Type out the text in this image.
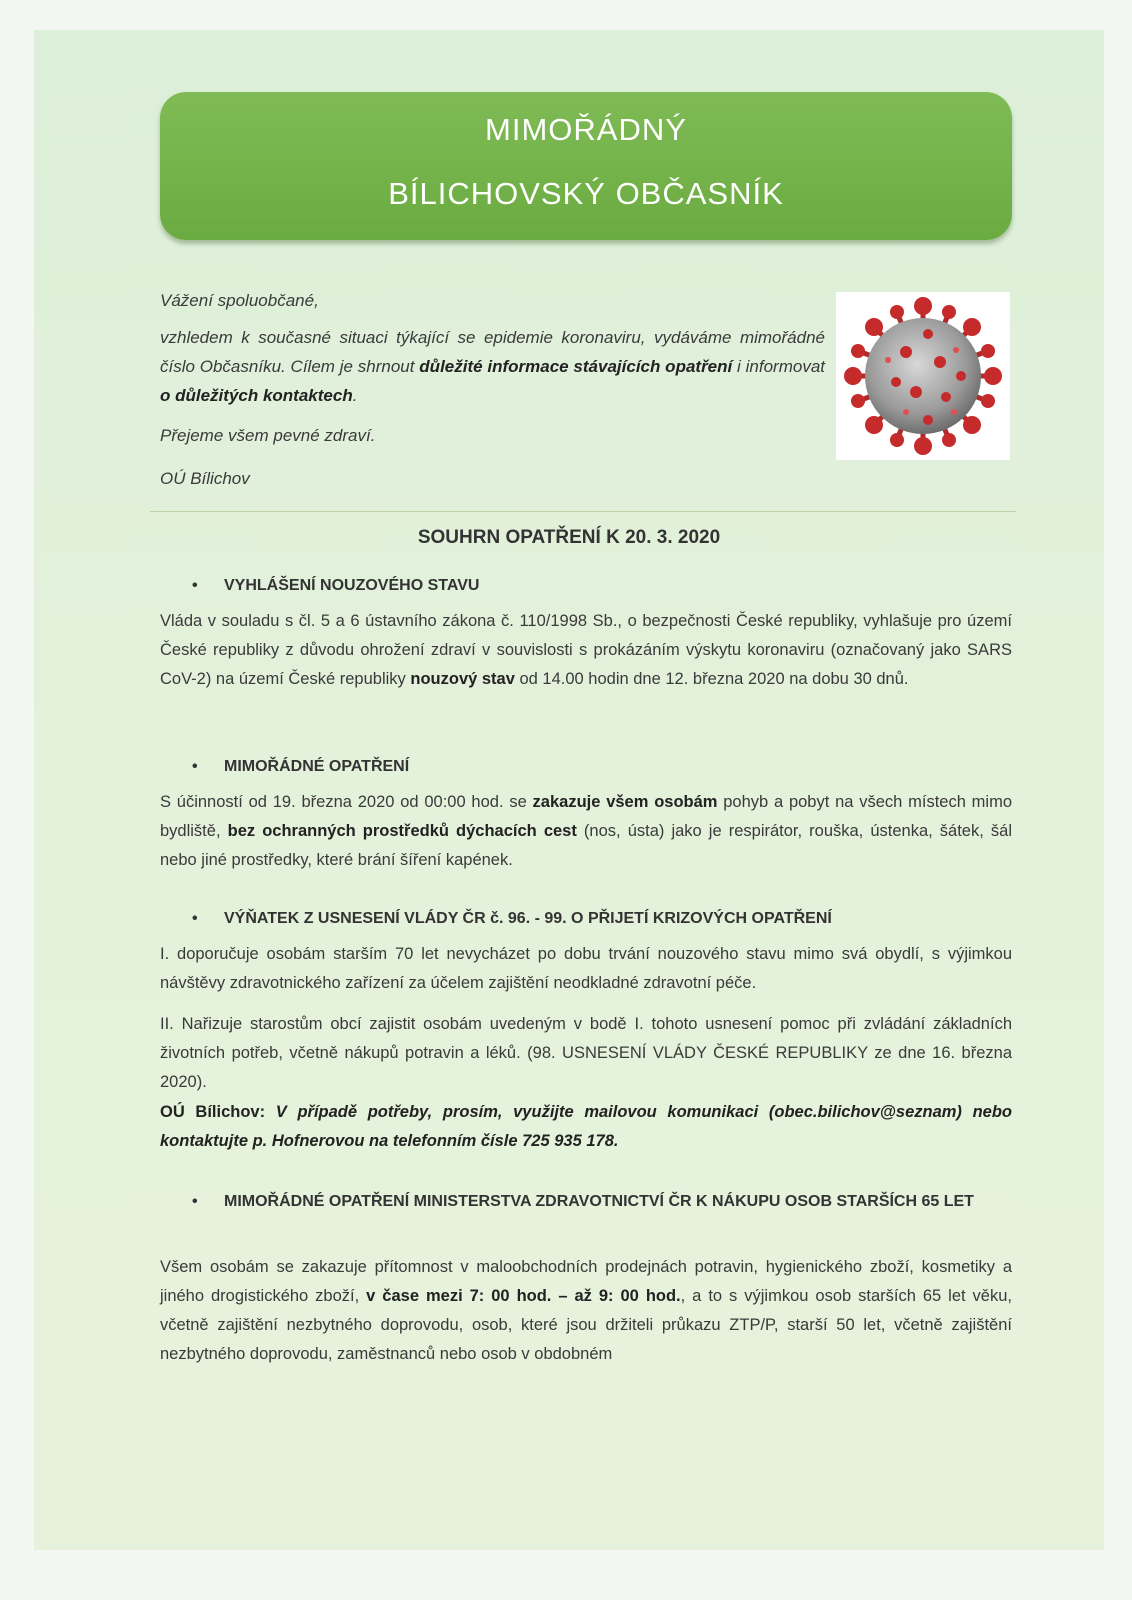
MIMOŘÁDNÝ
BÍLICHOVSKÝ OBČASNÍK
Vážení spoluobčané,
vzhledem k současné situaci týkající se epidemie koronaviru, vydáváme mimořádné číslo Občasníku. Cílem je shrnout důležité informace stávajících opatření i informovat o důležitých kontaktech.
Přejeme všem pevné zdraví.
OÚ Bílichov
SOUHRN OPATŘENÍ K 20. 3. 2020
• VYHLÁŠENÍ NOUZOVÉHO STAVU
Vláda v souladu s čl. 5 a 6 ústavního zákona č. 110/1998 Sb., o bezpečnosti České republiky, vyhlašuje pro území České republiky z důvodu ohrožení zdraví v souvislosti s prokázáním výskytu koronaviru (označovaný jako SARS CoV-2) na území České republiky nouzový stav od 14.00 hodin dne 12. března 2020 na dobu 30 dnů.
• MIMOŘÁDNÉ OPATŘENÍ
S účinností od 19. března 2020 od 00:00 hod. se zakazuje všem osobám pohyb a pobyt na všech místech mimo bydliště, bez ochranných prostředků dýchacích cest (nos, ústa) jako je respirátor, rouška, ústenka, šátek, šál nebo jiné prostředky, které brání šíření kapének.
• VÝŇATEK Z USNESENÍ VLÁDY ČR č. 96. - 99. O PŘIJETÍ KRIZOVÝCH OPATŘENÍ
I. doporučuje osobám starším 70 let nevycházet po dobu trvání nouzového stavu mimo svá obydlí, s výjimkou návštěvy zdravotnického zařízení za účelem zajištění neodkladné zdravotní péče.
II. Nařizuje starostům obcí zajistit osobám uvedeným v bodě I. tohoto usnesení pomoc při zvládání základních životních potřeb, včetně nákupů potravin a léků. (98. USNESENÍ VLÁDY ČESKÉ REPUBLIKY ze dne 16. března 2020).
OÚ Bílichov: V případě potřeby, prosím, využijte mailovou komunikaci (obec.bilichov@seznam) nebo kontaktujte p. Hofnerovou na telefonním čísle 725 935 178.
• MIMOŘÁDNÉ OPATŘENÍ MINISTERSTVA ZDRAVOTNICTVÍ ČR K NÁKUPU OSOB STARŠÍCH 65 LET
Všem osobám se zakazuje přítomnost v maloobchodních prodejnách potravin, hygienického zboží, kosmetiky a jiného drogistického zboží, v čase mezi 7: 00 hod. – až 9: 00 hod., a to s výjimkou osob starších 65 let věku, včetně zajištění nezbytného doprovodu, osob, které jsou držiteli průkazu ZTP/P, starší 50 let, včetně zajištění nezbytného doprovodu, zaměstnanců nebo osob v obdobném
